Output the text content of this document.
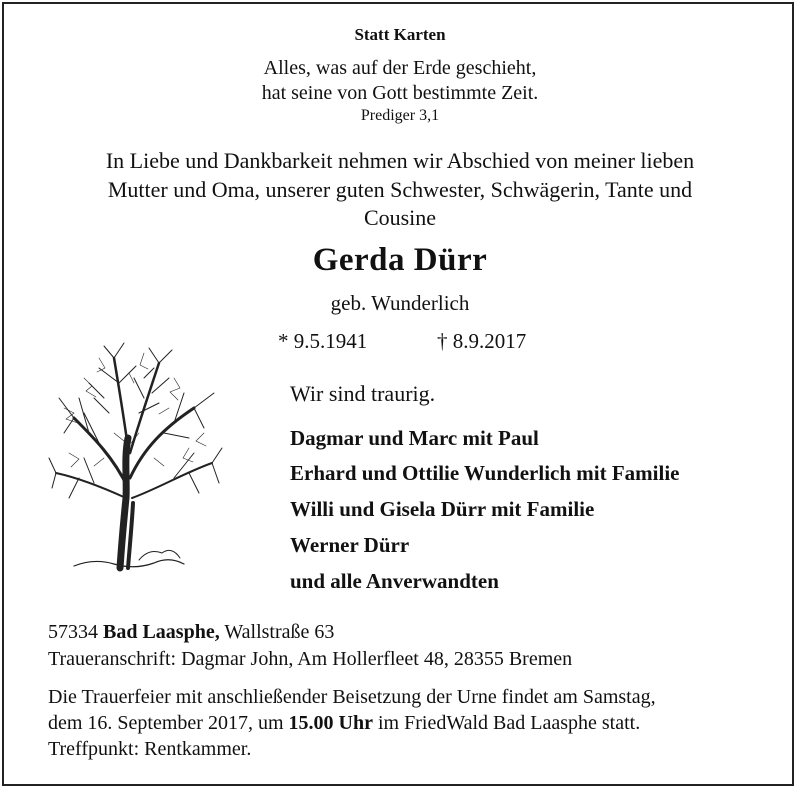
Statt Karten
Alles, was auf der Erde geschieht,
hat seine von Gott bestimmte Zeit.
Prediger 3,1
In Liebe und Dankbarkeit nehmen wir Abschied von meiner lieben
Mutter und Oma, unserer guten Schwester, Schwägerin, Tante und
Cousine
Gerda Dürr
geb. Wunderlich
* 9.5.1941	† 8.9.2017
Wir sind traurig.
Dagmar und Marc mit Paul
Erhard und Ottilie Wunderlich mit Familie
Willi und Gisela Dürr mit Familie
Werner Dürr
und alle Anverwandten
57334 Bad Laasphe, Wallstraße 63
Traueranschrift: Dagmar John, Am Hollerfleet 48, 28355 Bremen
Die Trauerfeier mit anschließender Beisetzung der Urne findet am Samstag,
dem 16. September 2017, um 15.00 Uhr im FriedWald Bad Laasphe statt.
Treffpunkt: Rentkammer.
